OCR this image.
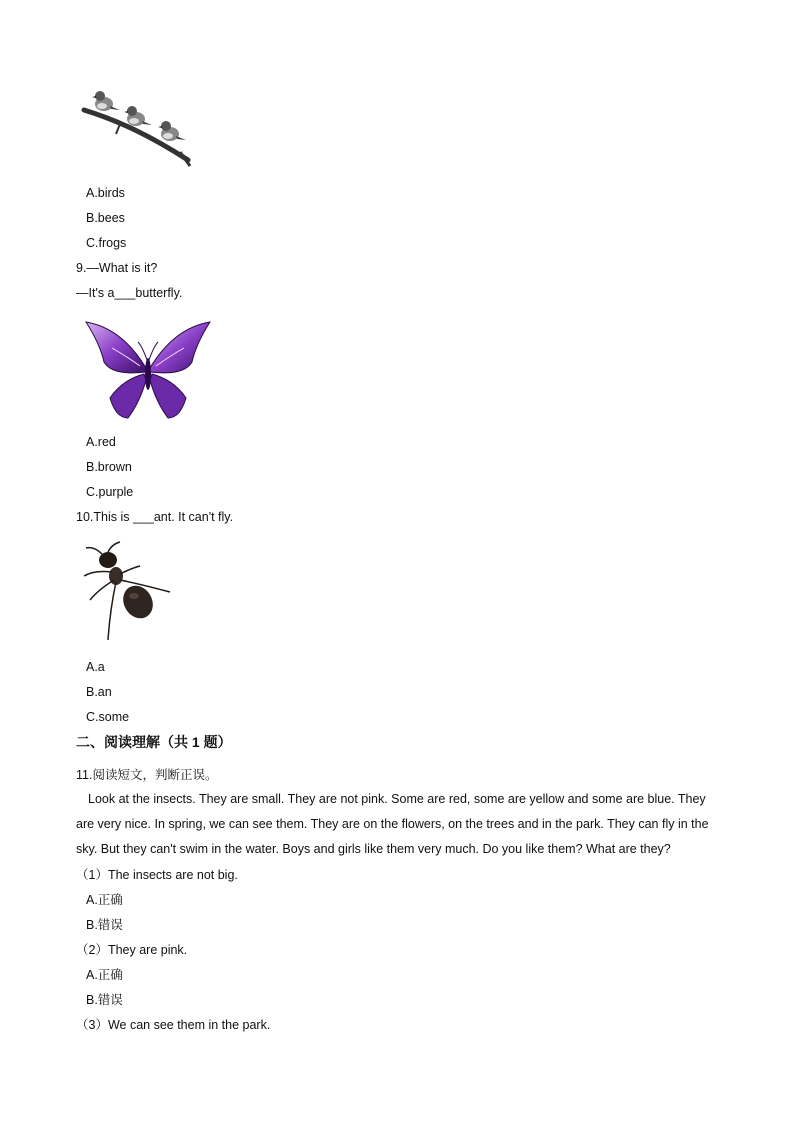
A.birds
B.bees
C.frogs
9.—What is it?
—It's a___butterfly.
A.red
B.brown
C.purple
10.This is ___ant. It can't fly.
A.a
B.an
C.some
二、阅读理解（共 1 题）
11.阅读短文，判断正误。
Look at the insects. They are small. They are not pink. Some are red, some are yellow and some are blue. They are very nice. In spring, we can see them. They are on the flowers, on the trees and in the park. They can fly in the sky. But they can't swim in the water. Boys and girls like them very much. Do you like them? What are they?
（1）The insects are not big.
A.正确
B.错误
（2）They are pink.
A.正确
B.错误
（3）We can see them in the park.
